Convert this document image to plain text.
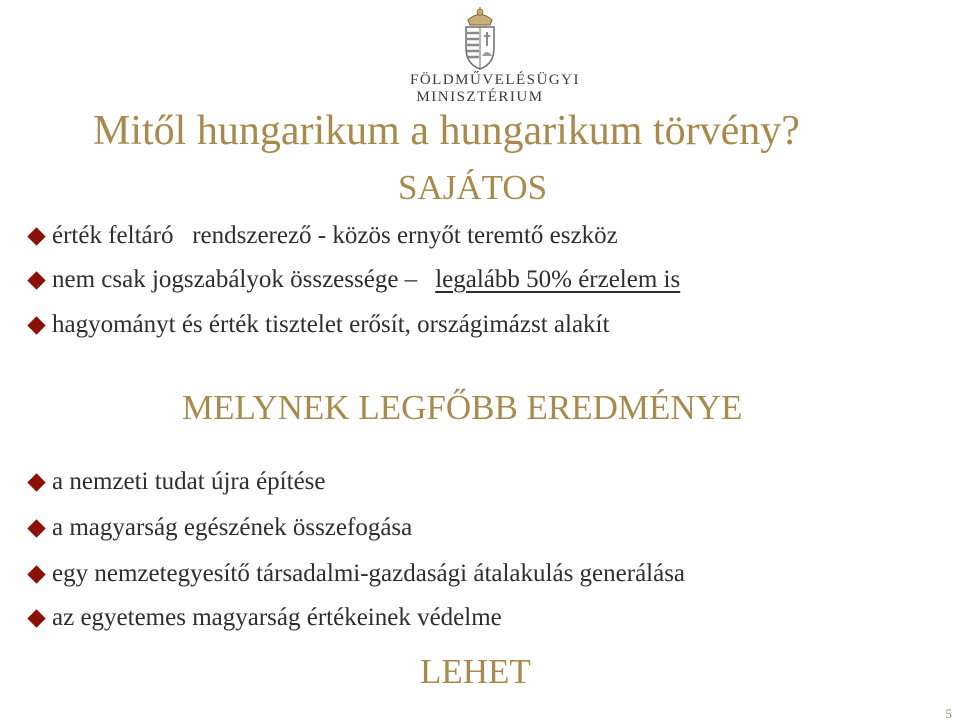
FÖLDMŰVELÉSÜGYI
MINISZTÉRIUM
Mitől hungarikum a hungarikum törvény?
SAJÁTOS
érték feltáró   rendszerező - közös ernyőt teremtő eszköz
nem csak jogszabályok összessége – legalább 50% érzelem is
hagyományt és érték tisztelet erősít, országimázst alakít
MELYNEK LEGFŐBB EREDMÉNYE
a nemzeti tudat újra építése
a magyarság egészének összefogása
egy nemzetegyesítő társadalmi-gazdasági átalakulás generálása
az egyetemes magyarság értékeinek védelme
LEHET
5
